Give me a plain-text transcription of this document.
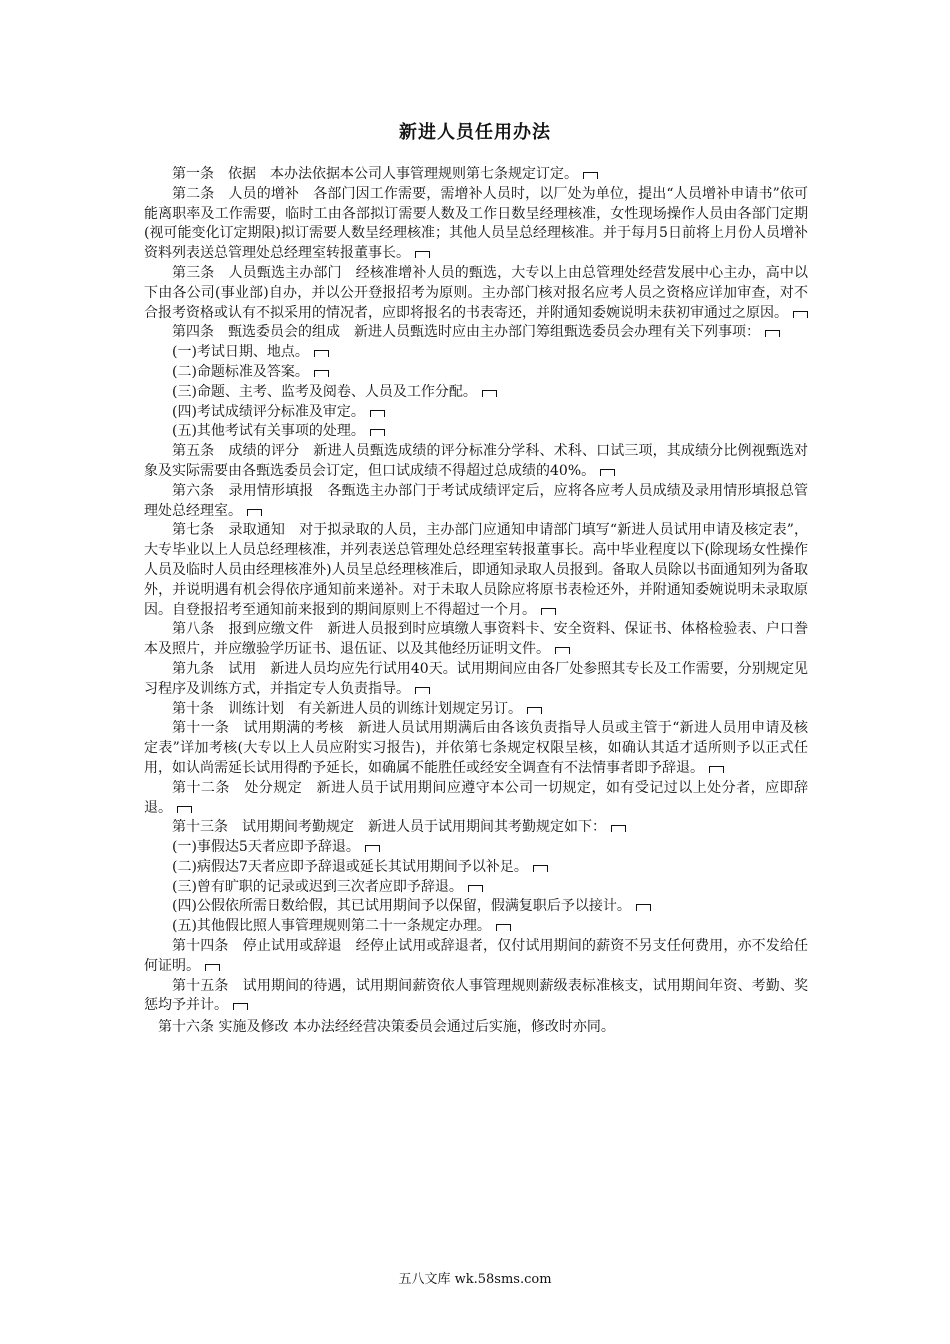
新进人员任用办法

第一条　依据　本办法依据本公司人事管理规则第七条规定订定。

第二条　人员的增补　各部门因工作需要，需增补人员时，以厂处为单位，提出“人员增补申请书”依可能离职率及工作需要，临时工由各部拟订需要人数及工作日数呈经理核准，女性现场操作人员由各部门定期(视可能变化订定期限)拟订需要人数呈经理核准；其他人员呈总经理核准。并于每月5日前将上月份人员增补资料列表送总管理处总经理室转报董事长。

第三条　人员甄选主办部门　经核准增补人员的甄选，大专以上由总管理处经营发展中心主办，高中以下由各公司(事业部)自办，并以公开登报招考为原则。主办部门核对报名应考人员之资格应详加审查，对不合报考资格或认有不拟采用的情况者，应即将报名的书表寄还，并附通知委婉说明未获初审通过之原因。

第四条　甄选委员会的组成　新进人员甄选时应由主办部门筹组甄选委员会办理有关下列事项：

(一)考试日期、地点。

(二)命题标准及答案。

(三)命题、主考、监考及阅卷、人员及工作分配。

(四)考试成绩评分标准及审定。

(五)其他考试有关事项的处理。

第五条　成绩的评分　新进人员甄选成绩的评分标准分学科、术科、口试三项，其成绩分比例视甄选对象及实际需要由各甄选委员会订定，但口试成绩不得超过总成绩的40%。

第六条　录用情形填报　各甄选主办部门于考试成绩评定后，应将各应考人员成绩及录用情形填报总管理处总经理室。

第七条　录取通知　对于拟录取的人员，主办部门应通知申请部门填写“新进人员试用申请及核定表”，大专毕业以上人员总经理核准，并列表送总管理处总经理室转报董事长。高中毕业程度以下(除现场女性操作人员及临时人员由经理核准外)人员呈总经理核准后，即通知录取人员报到。备取人员除以书面通知列为备取外，并说明遇有机会得依序通知前来递补。对于未取人员除应将原书表检还外，并附通知委婉说明未录取原因。自登报招考至通知前来报到的期间原则上不得超过一个月。

第八条　报到应缴文件　新进人员报到时应填缴人事资料卡、安全资料、保证书、体格检验表、户口誊本及照片，并应缴验学历证书、退伍证、以及其他经历证明文件。

第九条　试用　新进人员均应先行试用40天。试用期间应由各厂处参照其专长及工作需要，分别规定见习程序及训练方式，并指定专人负责指导。

第十条　训练计划　有关新进人员的训练计划规定另订。

第十一条　试用期满的考核　新进人员试用期满后由各该负责指导人员或主管于“新进人员用申请及核定表”详加考核(大专以上人员应附实习报告)，并依第七条规定权限呈核，如确认其适才适所则予以正式任用，如认尚需延长试用得酌予延长，如确属不能胜任或经安全调查有不法情事者即予辞退。

第十二条　处分规定　新进人员于试用期间应遵守本公司一切规定，如有受记过以上处分者，应即辞退。

第十三条　试用期间考勤规定　新进人员于试用期间其考勤规定如下：

(一)事假达5天者应即予辞退。

(二)病假达7天者应即予辞退或延长其试用期间予以补足。

(三)曾有旷职的记录或迟到三次者应即予辞退。

(四)公假依所需日数给假，其已试用期间予以保留，假满复职后予以接计。

(五)其他假比照人事管理规则第二十一条规定办理。

第十四条　停止试用或辞退　经停止试用或辞退者，仅付试用期间的薪资不另支任何费用，亦不发给任何证明。

第十五条　试用期间的待遇，试用期间薪资依人事管理规则薪级表标准核支，试用期间年资、考勤、奖惩均予并计。

第十六条 实施及修改 本办法经经营决策委员会通过后实施，修改时亦同。

五八文库 wk.58sms.com
